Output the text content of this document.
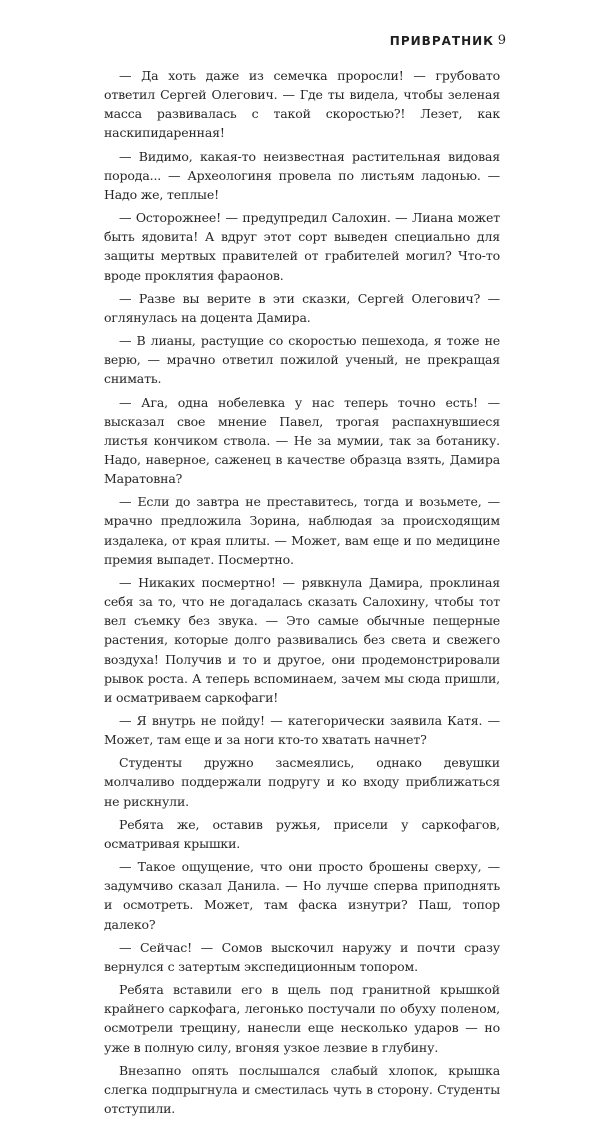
ПРИВРАТНИК 9

— Да хоть даже из семечка проросли! — грубовато ответил Сергей Олегович. — Где ты видела, чтобы зеленая масса развивалась с такой скоростью?! Лезет, как наскипидаренная!

— Видимо, какая-то неизвестная растительная видовая порода... — Археологиня провела по листьям ладонью. — Надо же, теплые!

— Осторожнее! — предупредил Салохин. — Лиана может быть ядовита! А вдруг этот сорт выведен специально для защиты мертвых правителей от грабителей могил? Что-то вроде проклятия фараонов.

— Разве вы верите в эти сказки, Сергей Олегович? — оглянулась на доцента Дамира.

— В лианы, растущие со скоростью пешехода, я тоже не верю, — мрачно ответил пожилой ученый, не прекращая снимать.

— Ага, одна нобелевка у нас теперь точно есть! — высказал свое мнение Павел, трогая распахнувшиеся листья кончиком ствола. — Не за мумии, так за ботанику. Надо, наверное, саженец в качестве образца взять, Дамира Маратовна?

— Если до завтра не преставитесь, тогда и возьмете, — мрачно предложила Зорина, наблюдая за происходящим издалека, от края плиты. — Может, вам еще и по медицине премия выпадет. Посмертно.

— Никаких посмертно! — рявкнула Дамира, проклиная себя за то, что не догадалась сказать Салохину, чтобы тот вел съемку без звука. — Это самые обычные пещерные растения, которые долго развивались без света и свежего воздуха! Получив и то и другое, они продемонстрировали рывок роста. А теперь вспоминаем, зачем мы сюда пришли, и осматриваем саркофаги!

— Я внутрь не пойду! — категорически заявила Катя. — Может, там еще и за ноги кто-то хватать начнет?

Студенты дружно засмеялись, однако девушки молчаливо поддержали подругу и ко входу приближаться не рискнули.

Ребята же, оставив ружья, присели у саркофагов, осматривая крышки.

— Такое ощущение, что они просто брошены сверху, — задумчиво сказал Данила. — Но лучше сперва приподнять и осмотреть. Может, там фаска изнутри? Паш, топор далеко?

— Сейчас! — Сомов выскочил наружу и почти сразу вернулся с затертым экспедиционным топором.

Ребята вставили его в щель под гранитной крышкой крайнего саркофага, легонько постучали по обуху поленом, осмотрели трещину, нанесли еще несколько ударов — но уже в полную силу, вгоняя узкое лезвие в глубину.

Внезапно опять послышался слабый хлопок, крышка слегка подпрыгнула и сместилась чуть в сторону. Студенты отступили.
